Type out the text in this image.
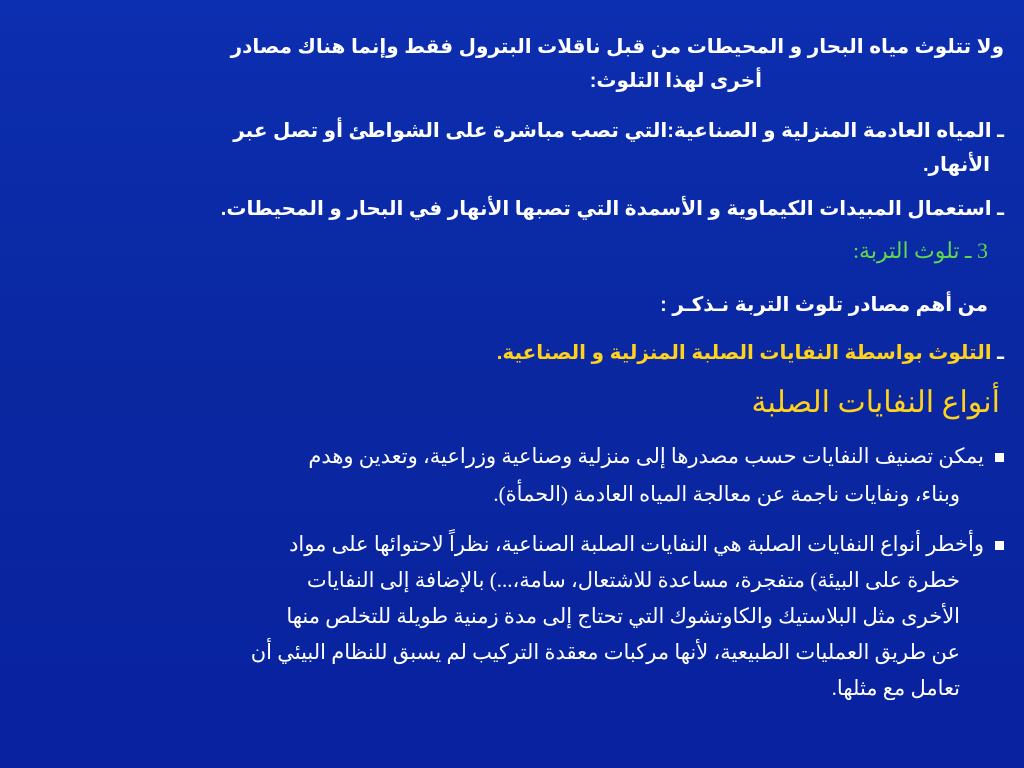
ولا تتلوث مياه البحار و المحيطات من قبل ناقلات البترول فقط وإنما هناك مصادر
أخرى لهذا التلوث:
ـ المياه العادمة المنزلية و الصناعية:التي تصب مباشرة على الشواطئ أو تصل عبر
الأنهار.
ـ استعمال المبيدات الكيماوية و الأسمدة التي تصبها الأنهار في البحار و المحيطات.
3 ـ تلوث التربة:
من أهم مصادر تلوث التربة نـذكـر :
ـ التلوث بواسطة النفايات الصلبة المنزلية و الصناعية.
أنواع النفايات الصلبة
يمكن تصنيف النفايات حسب مصدرها إلى منزلية وصناعية وزراعية، وتعدين وهدم
وبناء، ونفايات ناجمة عن معالجة المياه العادمة (الحمأة).
وأخطر أنواع النفايات الصلبة هي النفايات الصلبة الصناعية، نظراً لاحتوائها على مواد
خطرة على البيئة) متفجرة، مساعدة للاشتعال، سامة،...) بالإضافة إلى النفايات
الأخرى مثل البلاستيك والكاوتشوك التي تحتاج إلى مدة زمنية طويلة للتخلص منها
عن طريق العمليات الطبيعية، لأنها مركبات معقدة التركيب لم يسبق للنظام البيئي أن
تعامل مع مثلها.
